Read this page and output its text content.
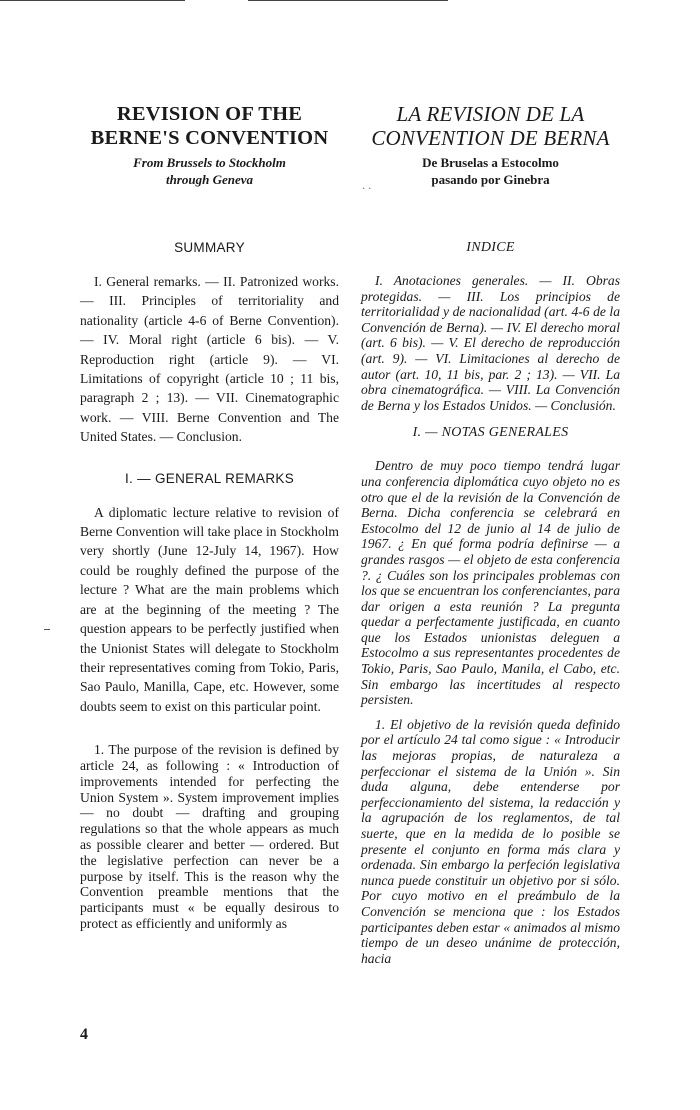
..
REVISION OF THE
BERNE'S CONVENTION

From Brussels to Stockholm
through Geneva

SUMMARY

I. General remarks. — II. Patronized works. — III. Principles of territoriality and nationality (article 4-6 of Berne Convention). — IV. Moral right (article 6 bis). — V. Reproduction right (article 9). — VI. Limitations of copyright (article 10 ; 11 bis, paragraph 2 ; 13). — VII. Cinematographic work. — VIII. Berne Convention and The United States. — Conclusion.

I. — GENERAL REMARKS

A diplomatic lecture relative to revision of Berne Convention will take place in Stockholm very shortly (June 12-July 14, 1967). How could be roughly defined the purpose of the lecture ? What are the main problems which are at the beginning of the meeting ? The question appears to be perfectly justified when the Unionist States will delegate to Stockholm their representatives coming from Tokio, Paris, Sao Paulo, Manilla, Cape, etc. However, some doubts seem to exist on this particular point.

1. The purpose of the revision is defined by article 24, as following : « Introduction of improvements intended for perfecting the Union System ». System improvement implies — no doubt — drafting and grouping regulations so that the whole appears as much as possible clearer and better — ordered. But the legislative perfection can never be a purpose by itself. This is the reason why the Convention preamble mentions that the participants must « be equally desirous to protect as efficiently and uniformly as

LA REVISION DE LA
CONVENTION DE BERNA

De Bruselas a Estocolmo
pasando por Ginebra

INDICE

I. Anotaciones generales. — II. Obras protegidas. — III. Los principios de territorialidad y de nacionalidad (art. 4-6 de la Convención de Berna). — IV. El derecho moral (art. 6 bis). — V. El derecho de reproducción (art. 9). — VI. Limitaciones al derecho de autor (art. 10, 11 bis, par. 2 ; 13). — VII. La obra cinematográfica. — VIII. La Convención de Berna y los Estados Unidos. — Conclusión.

I. — NOTAS GENERALES

Dentro de muy poco tiempo tendrá lugar una conferencia diplomática cuyo objeto no es otro que el de la revisión de la Convención de Berna. Dicha conferencia se celebrará en Estocolmo del 12 de junio al 14 de julio de 1967. ¿ En qué forma podría definirse — a grandes rasgos — el objeto de esta conferencia ?. ¿ Cuáles son los principales problemas con los que se encuentran los conferenciantes, para dar origen a esta reunión ? La pregunta quedar a perfectamente justificada, en cuanto que los Estados unionistas deleguen a Estocolmo a sus representantes procedentes de Tokio, Paris, Sao Paulo, Manila, el Cabo, etc. Sin embargo las incertitudes al respecto persisten.

1. El objetivo de la revisión queda definido por el artículo 24 tal como sigue : « Introducir las mejoras propias, de naturaleza a perfeccionar el sistema de la Unión ». Sin duda alguna, debe entenderse por perfeccionamiento del sistema, la redacción y la agrupación de los reglamentos, de tal suerte, que en la medida de lo posible se presente el conjunto en forma más clara y ordenada. Sin embargo la perfeción legislativa nunca puede constituir un objetivo por si sólo. Por cuyo motivo en el preámbulo de la Convención se menciona que : los Estados participantes deben estar « animados al mismo tiempo de un deseo unánime de protección, hacia

4
